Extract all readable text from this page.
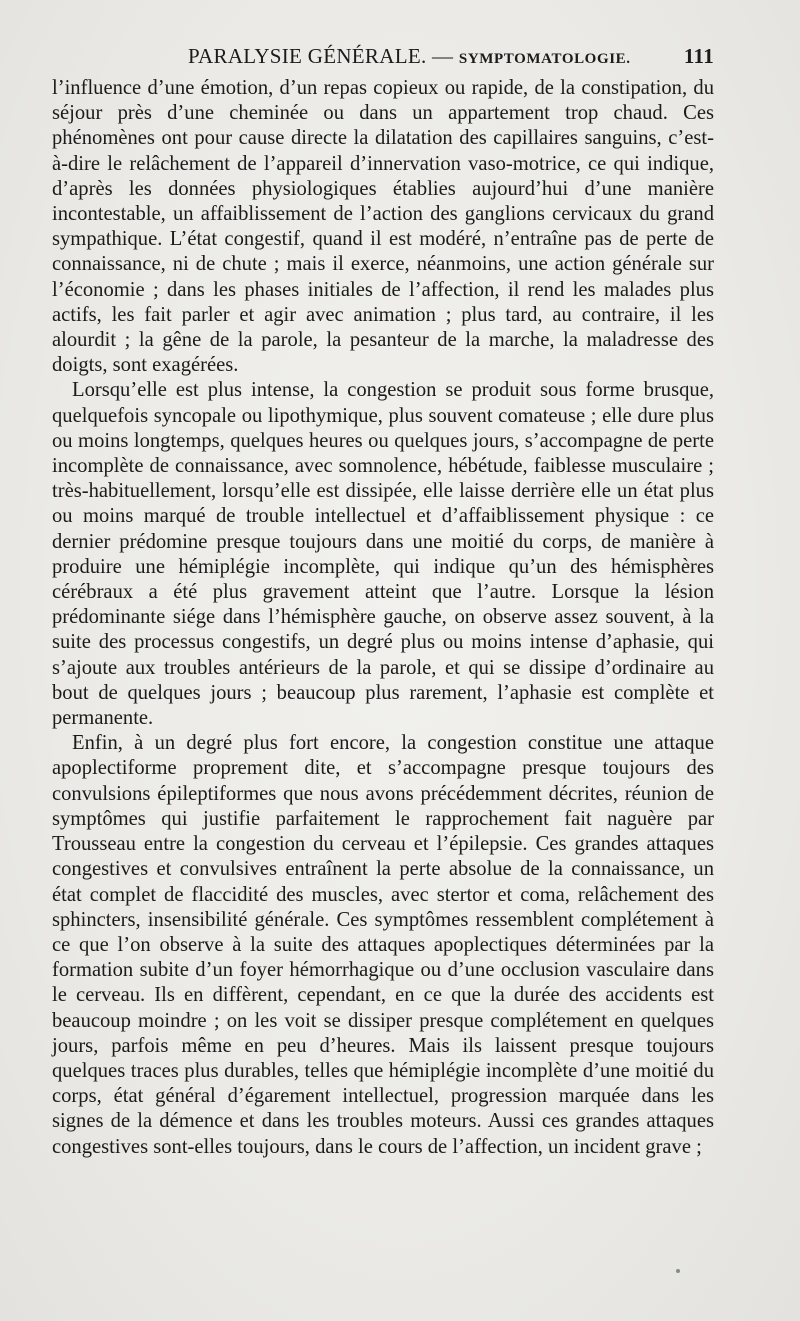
PARALYSIE GÉNÉRALE. — SYMPTOMATOLOGIE.	111

l’influence d’une émotion, d’un repas copieux ou rapide, de la constipation, du séjour près d’une cheminée ou dans un appartement trop chaud. Ces phénomènes ont pour cause directe la dilatation des capillaires sanguins, c’est-à-dire le relâchement de l’appareil d’innervation vaso-motrice, ce qui indique, d’après les données physiologiques établies aujourd’hui d’une manière incontestable, un affaiblissement de l’action des ganglions cervicaux du grand sympathique. L’état congestif, quand il est modéré, n’entraîne pas de perte de connaissance, ni de chute ; mais il exerce, néanmoins, une action générale sur l’économie ; dans les phases initiales de l’affection, il rend les malades plus actifs, les fait parler et agir avec animation ; plus tard, au contraire, il les alourdit ; la gêne de la parole, la pesanteur de la marche, la maladresse des doigts, sont exagérées.

Lorsqu’elle est plus intense, la congestion se produit sous forme brusque, quelquefois syncopale ou lipothymique, plus souvent comateuse ; elle dure plus ou moins longtemps, quelques heures ou quelques jours, s’accompagne de perte incomplète de connaissance, avec somnolence, hébétude, faiblesse musculaire ; très-habituellement, lorsqu’elle est dissipée, elle laisse derrière elle un état plus ou moins marqué de trouble intellectuel et d’affaiblissement physique : ce dernier prédomine presque toujours dans une moitié du corps, de manière à produire une hémiplégie incomplète, qui indique qu’un des hémisphères cérébraux a été plus gravement atteint que l’autre. Lorsque la lésion prédominante siége dans l’hémisphère gauche, on observe assez souvent, à la suite des processus congestifs, un degré plus ou moins intense d’aphasie, qui s’ajoute aux troubles antérieurs de la parole, et qui se dissipe d’ordinaire au bout de quelques jours ; beaucoup plus rarement, l’aphasie est complète et permanente.

Enfin, à un degré plus fort encore, la congestion constitue une attaque apoplectiforme proprement dite, et s’accompagne presque toujours des convulsions épileptiformes que nous avons précédemment décrites, réunion de symptômes qui justifie parfaitement le rapprochement fait naguère par Trousseau entre la congestion du cerveau et l’épilepsie. Ces grandes attaques congestives et convulsives entraînent la perte absolue de la connaissance, un état complet de flaccidité des muscles, avec stertor et coma, relâchement des sphincters, insensibilité générale. Ces symptômes ressemblent complétement à ce que l’on observe à la suite des attaques apoplectiques déterminées par la formation subite d’un foyer hémorrhagique ou d’une occlusion vasculaire dans le cerveau. Ils en diffèrent, cependant, en ce que la durée des accidents est beaucoup moindre ; on les voit se dissiper presque complétement en quelques jours, parfois même en peu d’heures. Mais ils laissent presque toujours quelques traces plus durables, telles que hémiplégie incomplète d’une moitié du corps, état général d’égarement intellectuel, progression marquée dans les signes de la démence et dans les troubles moteurs. Aussi ces grandes attaques congestives sont-elles toujours, dans le cours de l’affection, un incident grave ;
